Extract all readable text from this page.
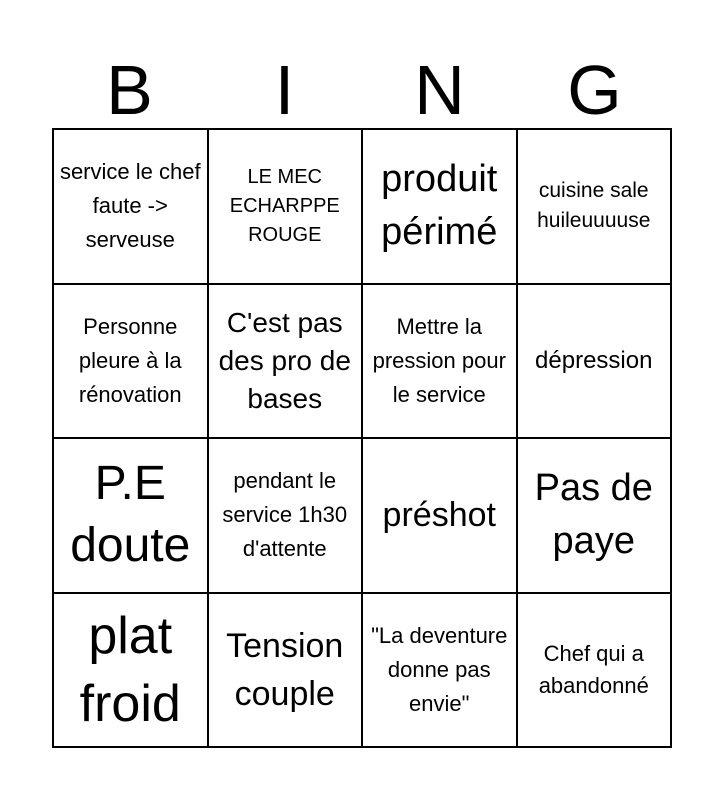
B	I	N	G
service le chef faute -> serveuse
LE MEC ECHARPPE ROUGE
produit périmé
cuisine sale huileuuuuse
Personne pleure à la rénovation
C'est pas des pro de bases
Mettre la pression pour le service
dépression
P.E doute
pendant le service 1h30 d'attente
préshot
Pas de paye
plat froid
Tension couple
"La deventure donne pas envie"
Chef qui a abandonné
